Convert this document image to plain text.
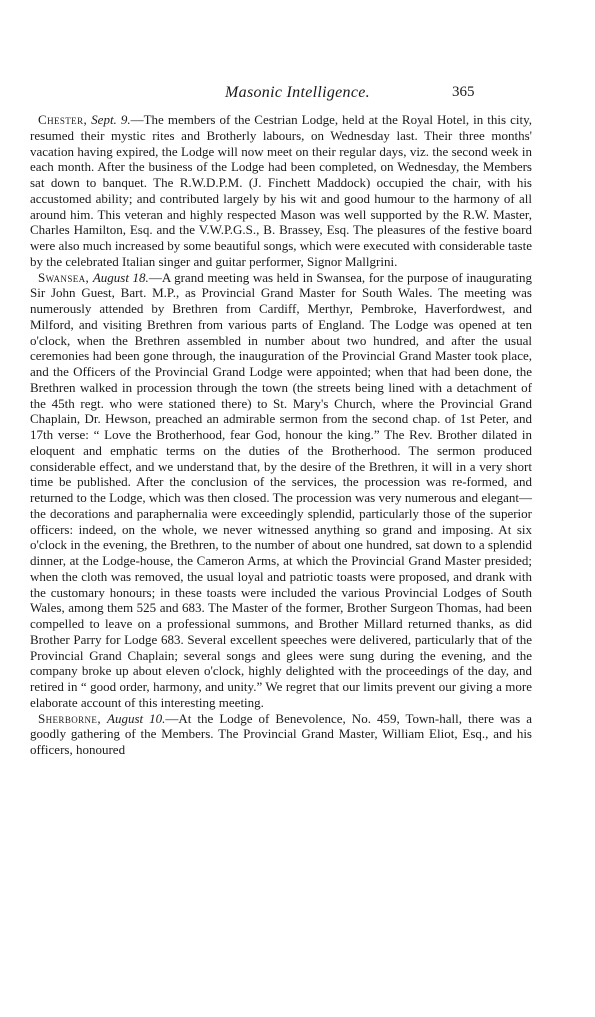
Masonic Intelligence.	365

Chester, Sept. 9.—The members of the Cestrian Lodge, held at the Royal Hotel, in this city, resumed their mystic rites and Brotherly labours, on Wednesday last. Their three months' vacation having expired, the Lodge will now meet on their regular days, viz. the second week in each month. After the business of the Lodge had been completed, on Wednesday, the Members sat down to banquet. The R.W.D.P.M. (J. Finchett Maddock) occupied the chair, with his accustomed ability; and contributed largely by his wit and good humour to the harmony of all around him. This veteran and highly respected Mason was well supported by the R.W. Master, Charles Hamilton, Esq. and the V.W.P.G.S., B. Brassey, Esq. The pleasures of the festive board were also much increased by some beautiful songs, which were executed with considerable taste by the celebrated Italian singer and guitar performer, Signor Mallgrini.

Swansea, August 18.—A grand meeting was held in Swansea, for the purpose of inaugurating Sir John Guest, Bart. M.P., as Provincial Grand Master for South Wales. The meeting was numerously attended by Brethren from Cardiff, Merthyr, Pembroke, Haverfordwest, and Milford, and visiting Brethren from various parts of England. The Lodge was opened at ten o'clock, when the Brethren assembled in number about two hundred, and after the usual ceremonies had been gone through, the inauguration of the Provincial Grand Master took place, and the Officers of the Provincial Grand Lodge were appointed; when that had been done, the Brethren walked in procession through the town (the streets being lined with a detachment of the 45th regt. who were stationed there) to St. Mary's Church, where the Provincial Grand Chaplain, Dr. Hewson, preached an admirable sermon from the second chap. of 1st Peter, and 17th verse: “ Love the Brotherhood, fear God, honour the king.” The Rev. Brother dilated in eloquent and emphatic terms on the duties of the Brotherhood. The sermon produced considerable effect, and we understand that, by the desire of the Brethren, it will in a very short time be published. After the conclusion of the services, the procession was re-formed, and returned to the Lodge, which was then closed. The procession was very numerous and elegant—the decorations and paraphernalia were exceedingly splendid, particularly those of the superior officers: indeed, on the whole, we never witnessed anything so grand and imposing. At six o'clock in the evening, the Brethren, to the number of about one hundred, sat down to a splendid dinner, at the Lodge-house, the Cameron Arms, at which the Provincial Grand Master presided; when the cloth was removed, the usual loyal and patriotic toasts were proposed, and drank with the customary honours; in these toasts were included the various Provincial Lodges of South Wales, among them 525 and 683. The Master of the former, Brother Surgeon Thomas, had been compelled to leave on a professional summons, and Brother Millard returned thanks, as did Brother Parry for Lodge 683. Several excellent speeches were delivered, particularly that of the Provincial Grand Chaplain; several songs and glees were sung during the evening, and the company broke up about eleven o'clock, highly delighted with the proceedings of the day, and retired in “ good order, harmony, and unity.” We regret that our limits prevent our giving a more elaborate account of this interesting meeting.

Sherborne, August 10.—At the Lodge of Benevolence, No. 459, Town-hall, there was a goodly gathering of the Members. The Provincial Grand Master, William Eliot, Esq., and his officers, honoured
